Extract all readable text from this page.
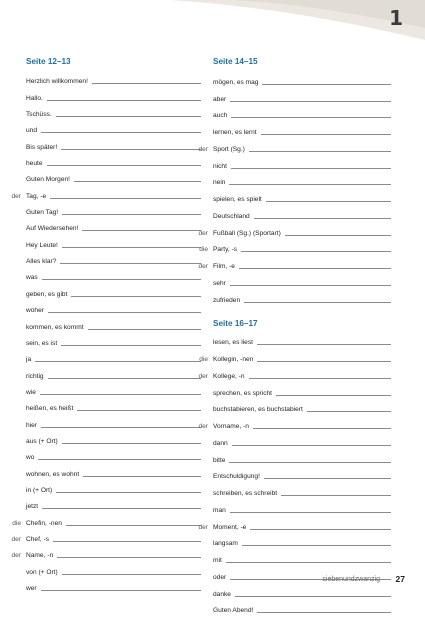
1
Seite 12–13
Herzlich willkommen!
Hallo.
Tschüss.
und
Bis später!
heute
Guten Morgen!
der Tag, -e
Guten Tag!
Auf Wiedersehen!
Hey Leute!
Alles klar?
was
geben, es gibt
woher
kommen, es kommt
sein, es ist
ja
richtig
wie
heißen, es heißt
hier
aus (+ Ort)
wo
wohnen, es wohnt
in (+ Ort)
jetzt
die Chefin, -nen
der Chef, -s
der Name, -n
von (+ Ort)
wer
Seite 14–15
mögen, es mag
aber
auch
lernen, es lernt
der Sport (Sg.)
nicht
nein
spielen, es spielt
Deutschland
der Fußball (Sg.) (Sportart)
die Party, -s
der Film, -e
sehr
zufrieden
Seite 16–17
lesen, es liest
die Kollegin, -nen
der Kollege, -n
sprechen, es spricht
buchstabieren, es buchstabiert
der Vorname, -n
dann
bitte
Entschuldigung!
schreiben, es schreibt
man
der Moment, -e
langsam
mit
oder
danke
Guten Abend!
siebenundzwanzig 27
